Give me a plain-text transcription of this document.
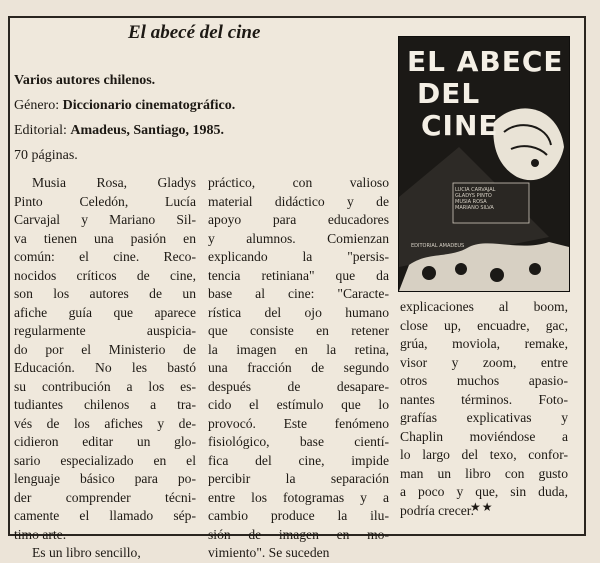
El abecé del cine
Varios autores chilenos.
Género: Diccionario cinematográfico.
Editorial: Amadeus, Santiago, 1985.
70 páginas.
Musia Rosa, Gladys
Pinto Celedón, Lucía
Carvajal y Mariano Sil-
va tienen una pasión en
común: el cine. Reco-
nocidos críticos de cine,
son los autores de un
afiche guía que aparece
regularmente auspicia-
do por el Ministerio de
Educación. No les bastó
su contribución a los es-
tudiantes chilenos a tra-
vés de los afiches y de-
cidieron editar un glo-
sario especializado en el
lenguaje básico para po-
der comprender técni-
camente el llamado sép-
timo arte.
Es un libro sencillo,
práctico, con valioso
material didáctico y de
apoyo para educadores
y alumnos. Comienzan
explicando la "persis-
tencia retiniana" que da
base al cine: "Caracte-
rística del ojo humano
que consiste en retener
la imagen en la retina,
una fracción de segundo
después de desapare-
cido el estímulo que lo
provocó. Este fenómeno
fisiológico, base cientí-
fica del cine, impide
percibir la separación
entre los fotogramas y a
cambio produce la ilu-
sión de imagen en mo-
vimiento". Se suceden
explicaciones al boom,
close up, encuadre, gac,
grúa, moviola, remake,
visor y zoom, entre
otros muchos apasio-
nantes términos. Foto-
grafías explicativas y
Chaplin moviéndose a
lo largo del texo, confor-
man un libro con gusto
a poco y que, sin duda,
podría crecer.
EL ABECE
DEL
CINE
LUCIA CARVAJAL
GLADYS PINTO
MUSIA ROSA
MARIANO SILVA
EDITORIAL AMADEUS
★★
